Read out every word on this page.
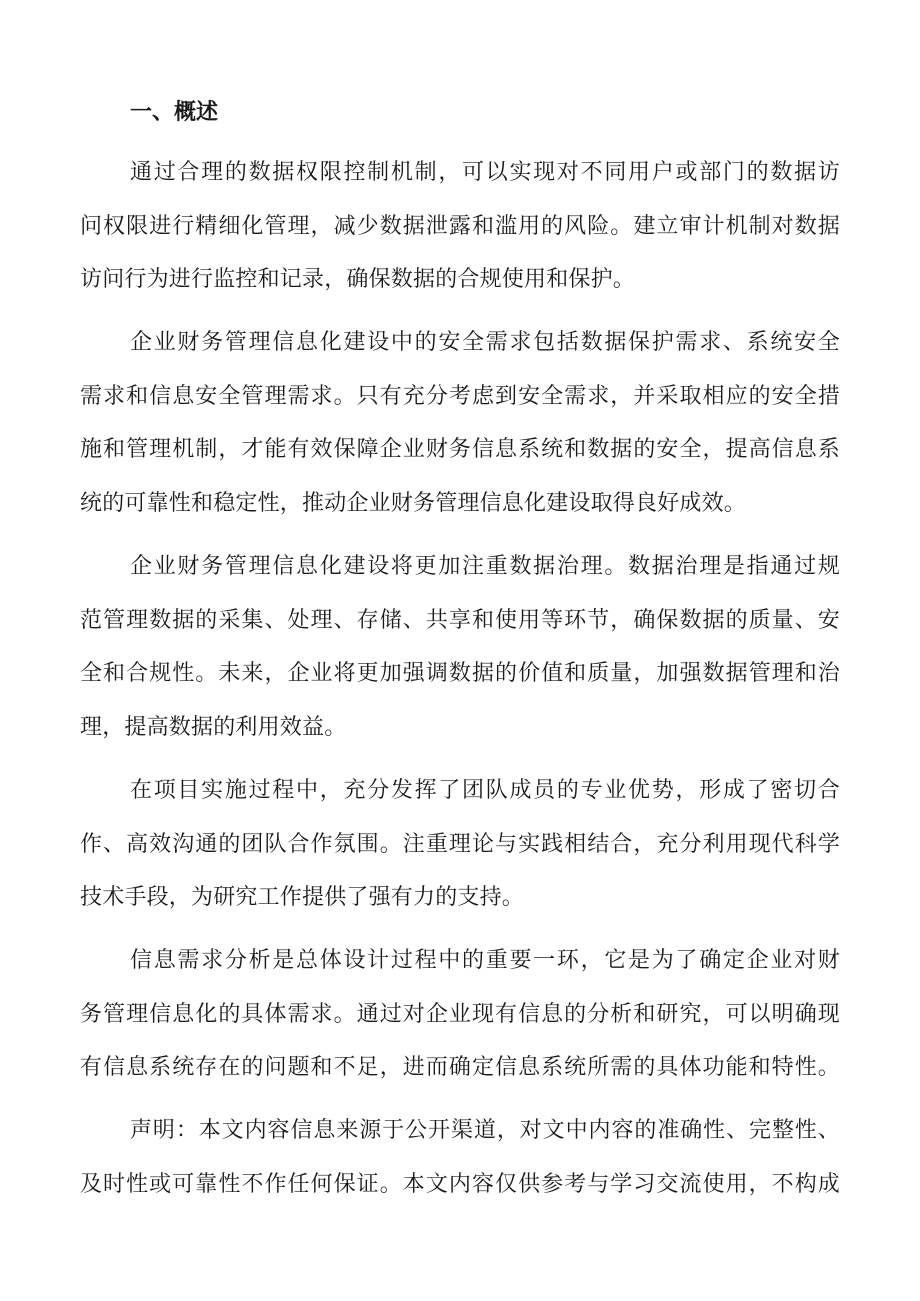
一、概述

通过合理的数据权限控制机制，可以实现对不同用户或部门的数据访
问权限进行精细化管理，减少数据泄露和滥用的风险。建立审计机制对数据
访问行为进行监控和记录，确保数据的合规使用和保护。

企业财务管理信息化建设中的安全需求包括数据保护需求、系统安全
需求和信息安全管理需求。只有充分考虑到安全需求，并采取相应的安全措
施和管理机制，才能有效保障企业财务信息系统和数据的安全，提高信息系
统的可靠性和稳定性，推动企业财务管理信息化建设取得良好成效。

企业财务管理信息化建设将更加注重数据治理。数据治理是指通过规
范管理数据的采集、处理、存储、共享和使用等环节，确保数据的质量、安
全和合规性。未来，企业将更加强调数据的价值和质量，加强数据管理和治
理，提高数据的利用效益。

在项目实施过程中，充分发挥了团队成员的专业优势，形成了密切合
作、高效沟通的团队合作氛围。注重理论与实践相结合，充分利用现代科学
技术手段，为研究工作提供了强有力的支持。

信息需求分析是总体设计过程中的重要一环，它是为了确定企业对财
务管理信息化的具体需求。通过对企业现有信息的分析和研究，可以明确现
有信息系统存在的问题和不足，进而确定信息系统所需的具体功能和特性。

声明：本文内容信息来源于公开渠道，对文中内容的准确性、完整性、
及时性或可靠性不作任何保证。本文内容仅供参考与学习交流使用，不构成
